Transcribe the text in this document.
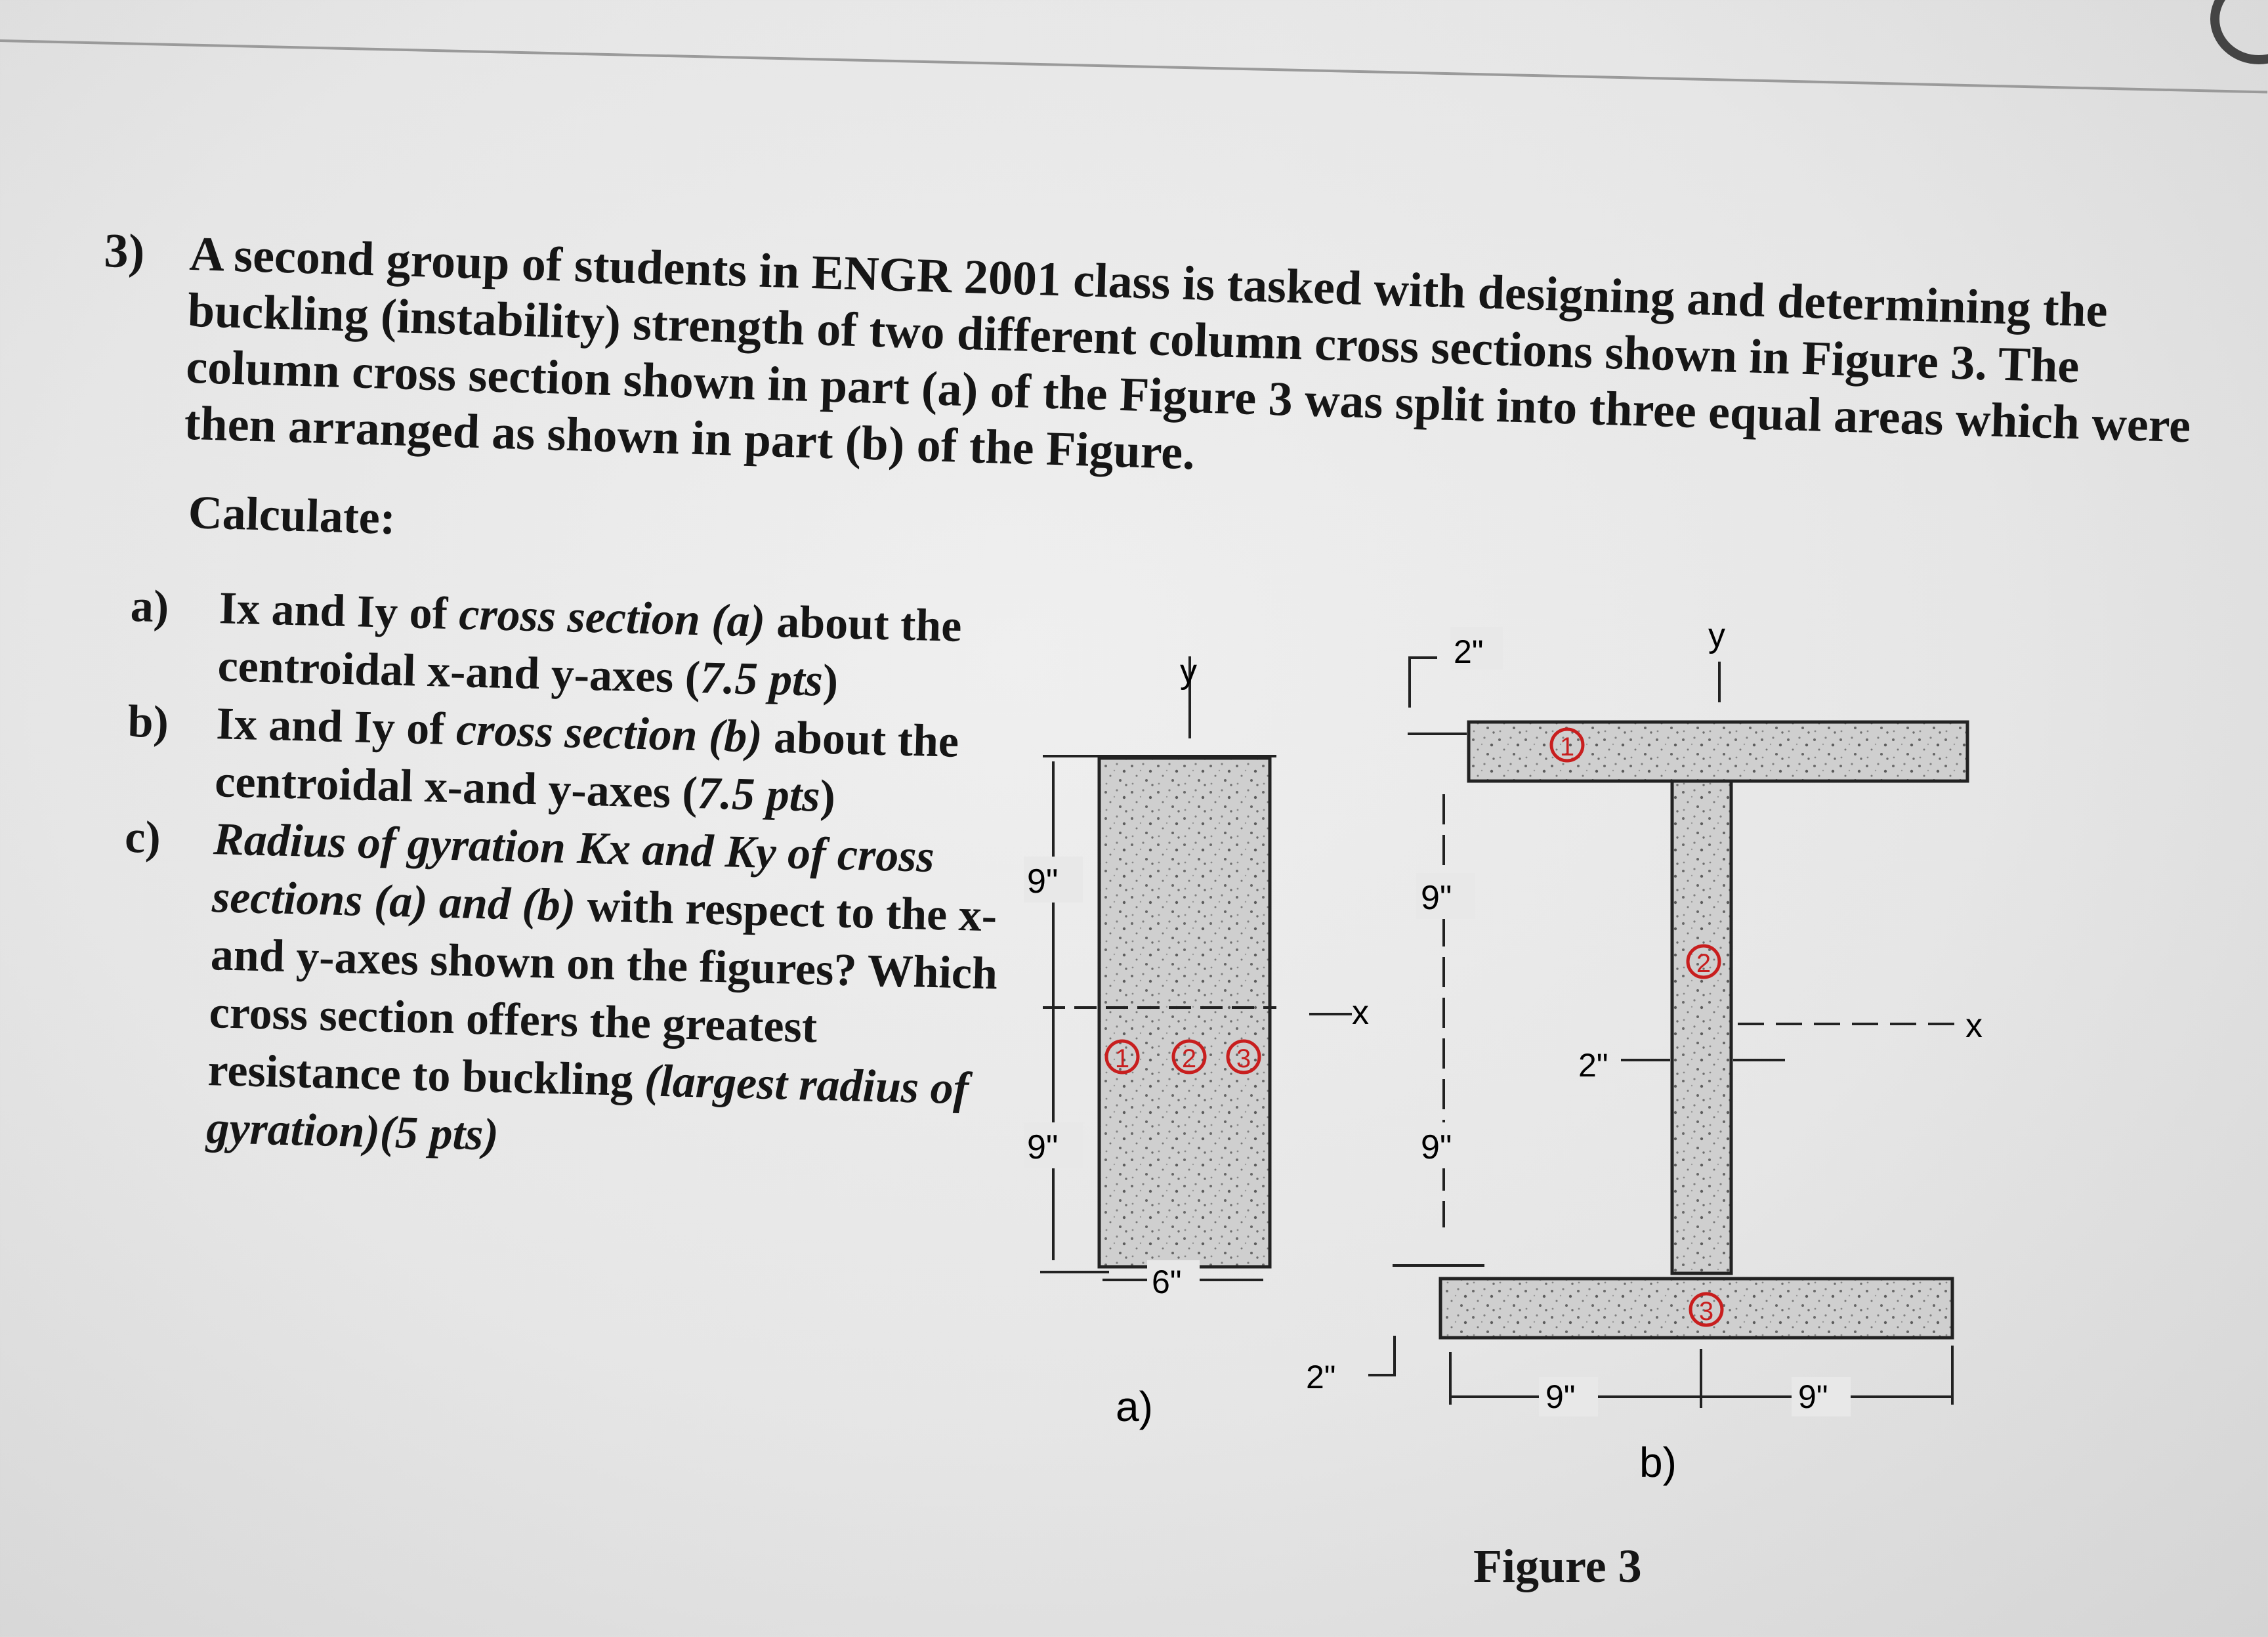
3) A second group of students in ENGR 2001 class is tasked with designing and determining the buckling (instability) strength of two different column cross sections shown in Figure 3. The column cross section shown in part (a) of the Figure 3 was split into three equal areas which were then arranged as shown in part (b) of the Figure.
Calculate:
a)	Ix and Iy of cross section (a) about the centroidal x-and y-axes (7.5 pts)
b)	Ix and Iy of cross section (b) about the centroidal x-and y-axes (7.5 pts)
c)	Radius of gyration Kx and Ky of cross sections (a) and (b) with respect to the x-and y-axes shown on the figures? Which cross section offers the greatest resistance to buckling (largest radius of gyration)(5 pts)
y
x
9"
9"
6"
1 2 3
a)
2"
9"
9"
2"
x
y
2"
9"	9"
1
2
3
b)
Figure 3
